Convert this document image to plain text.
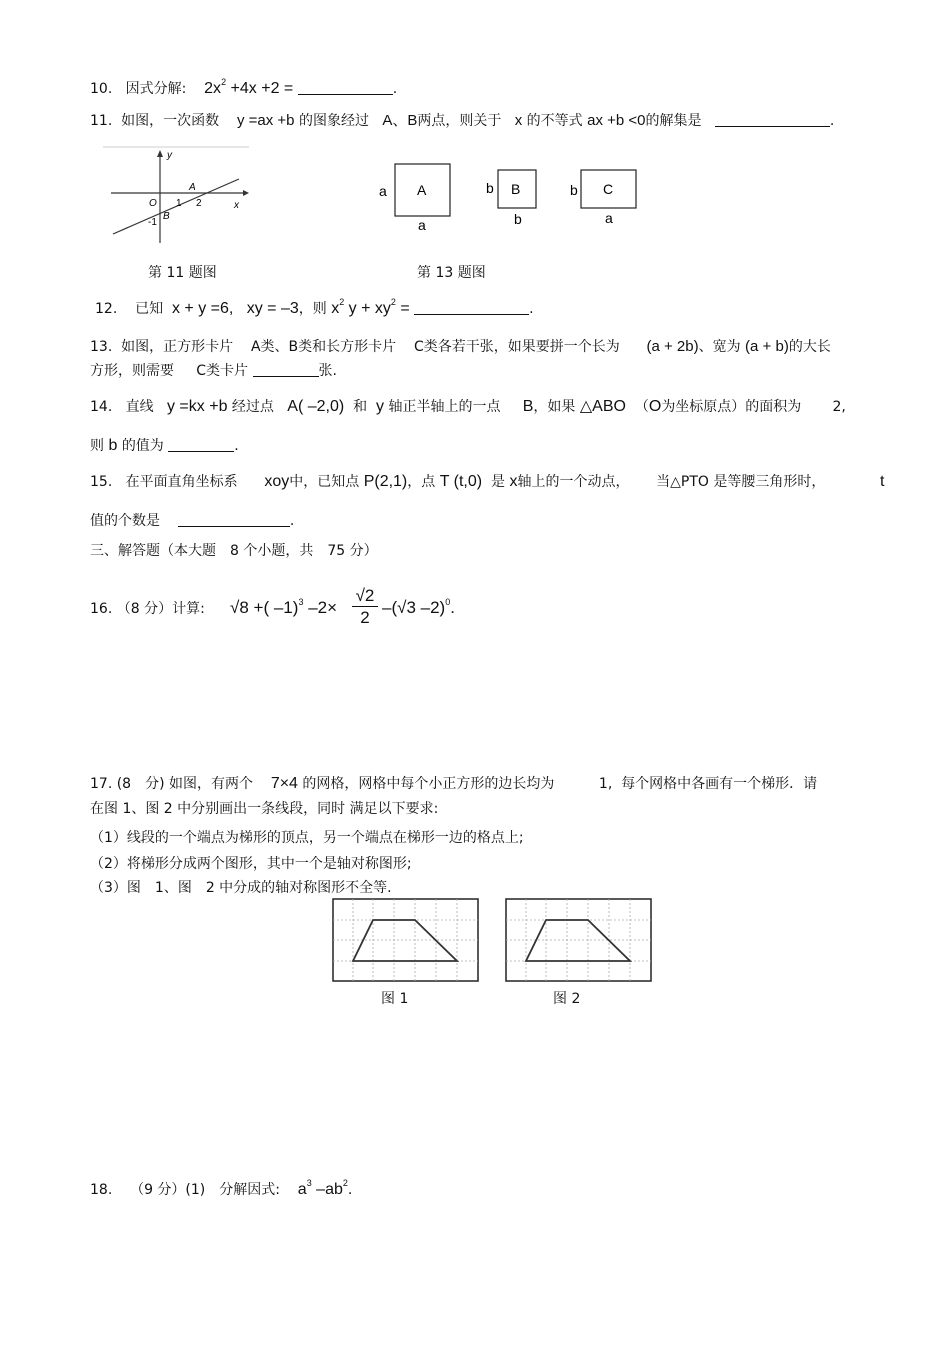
10. 因式分解: $2x^2 +4x +2$ =	.
11. 如图，一次函数 y =ax +b 的图象经过 A、B两点，则关于 x 的不等式 ax +b <0的解集是	.
y
x
O 1 2
A
B
-1
第 11 题图
A
a
a
B
b
b
C
b
a
第 13 题图
12. 已知 x + y =6, xy = –3，则 $x^2$ $y + xy^2$ =	.
13. 如图，正方形卡片 A类、B类和长方形卡片 C类各若干张，如果要拼一个长为 (a + 2b)、宽为 (a + b)的大长
方形，则需要 C类卡片	张.
14. 直线 y =kx +b 经过点 A( –2,0) 和 y 轴正半轴上的一点 B，如果 △ABO （O为坐标原点）的面积为 2,
则 b 的值为	.
15. 在平面直角坐标系 xoy中，已知点 P(2,1)，点 T (t,0) 是 x轴上的一个动点， 当△PTO 是等腰三角形时，	t
值的个数是	.
三、解答题（本大题　8 个小题，共　75 分）
16. （8 分）计算: √8 +( –1)$^3$ $-2\times \frac{√2}{2} -(√3$ –2)$^0$.
17. (8　分) 如图，有两个 7×4 的网格，网格中每个小正方形的边长均为	1, 每个网格中各画有一个梯形．请
在图 1、图 2 中分别画出一条线段，同时 满足以下要求:
（1）线段的一个端点为梯形的顶点，另一个端点在梯形一边的格点上;
（2）将梯形分成两个图形，其中一个是轴对称图形;
（3）图　1、图　2 中分成的轴对称图形不全等.
图 1	图 2
18. （9 分）(1)　分解因式: $a^3$ $-ab^2$.
